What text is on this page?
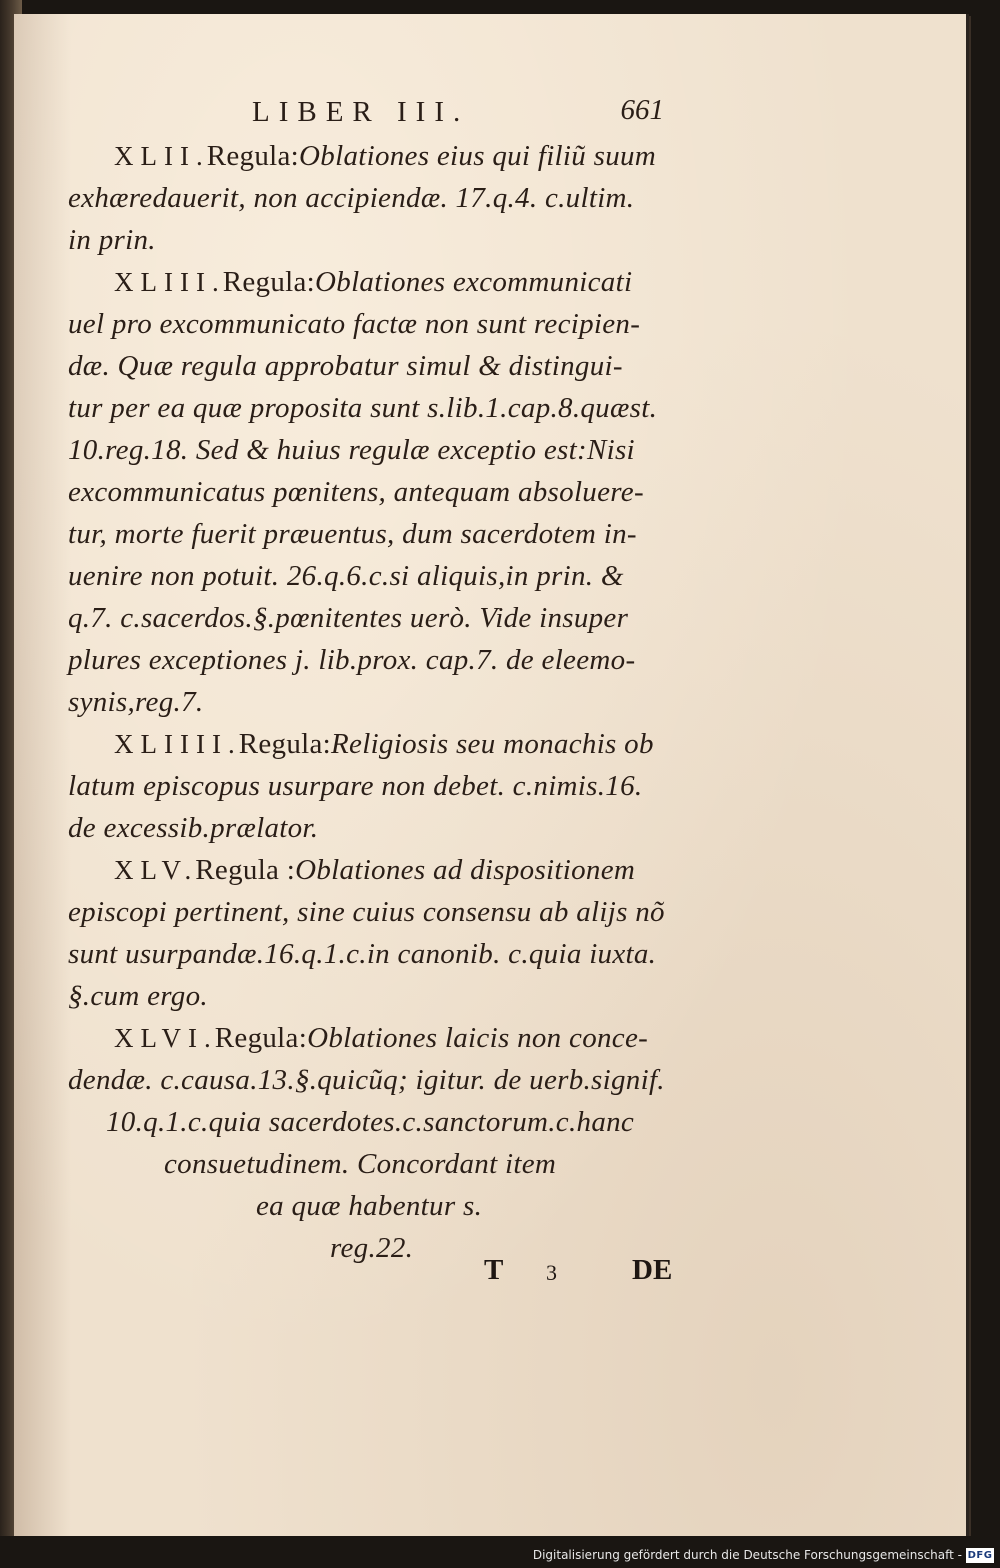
LIBER III.	661
XLII.Regula:Oblationes eius qui filiũ suum
exhæredauerit, non accipiendæ. 17.q.4. c.ultim.
in prin.
XLIII.Regula:Oblationes excommunicati
uel pro excommunicato factæ non sunt recipien-
dæ. Quæ regula approbatur simul & distingui-
tur per ea quæ proposita sunt s.lib.1.cap.8.quæst.
10.reg.18. Sed & huius regulæ exceptio est:Nisi
excommunicatus pœnitens, antequam absoluere-
tur, morte fuerit præuentus, dum sacerdotem in-
uenire non potuit. 26.q.6.c.si aliquis,in prin. &
q.7. c.sacerdos.§.pœnitentes uerò. Vide insuper
plures exceptiones j. lib.prox. cap.7. de eleemo-
synis,reg.7.
XLIIII.Regula:Religiosis seu monachis ob
latum episcopus usurpare non debet. c.nimis.16.
de excessib.prælator.
XLV.Regula :Oblationes ad dispositionem
episcopi pertinent, sine cuius consensu ab alijs nõ
sunt usurpandæ.16.q.1.c.in canonib. c.quia iuxta.
§.cum ergo.
XLVI.Regula:Oblationes laicis non conce-
dendæ. c.causa.13.§.quicũq; igitur. de uerb.signif.
10.q.1.c.quia sacerdotes.c.sanctorum.c.hanc
consuetudinem. Concordant item
ea quæ habentur s.
reg.22.
T 3	DE
Digitalisierung gefördert durch die Deutsche Forschungsgemeinschaft - DFG
